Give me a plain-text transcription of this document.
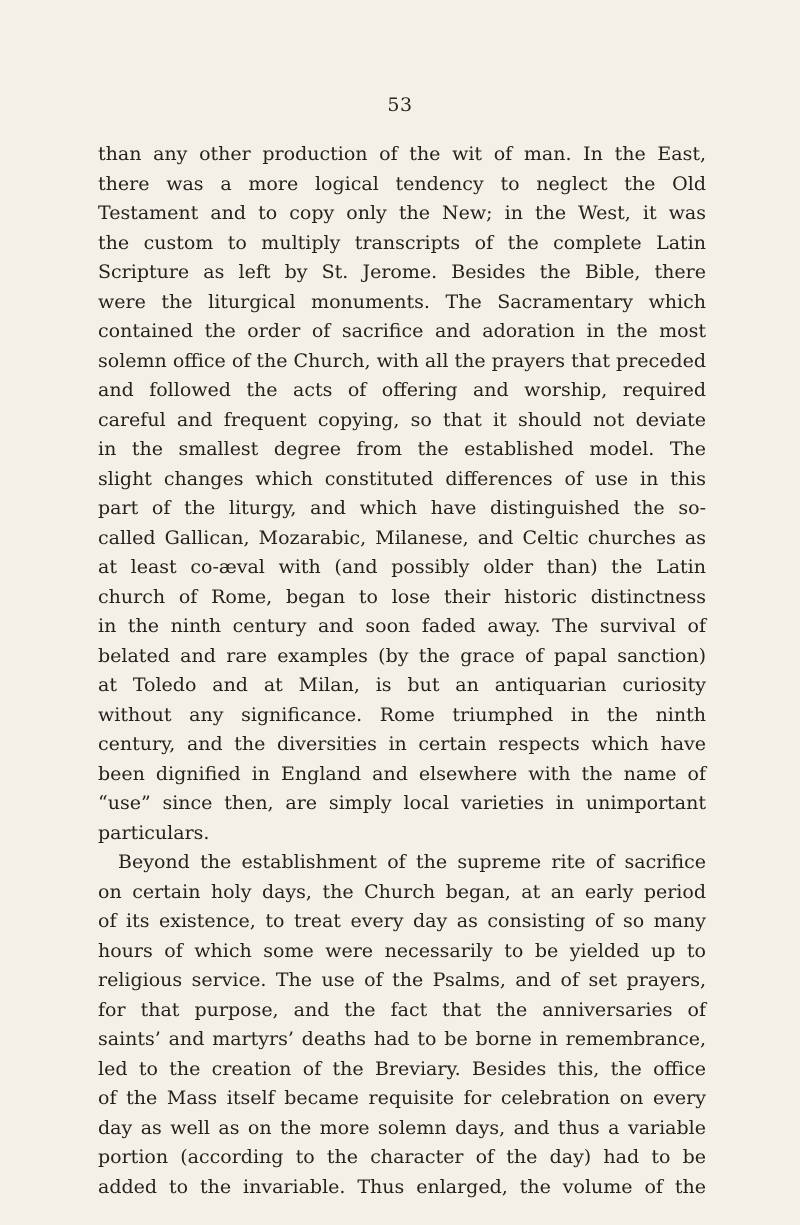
53
than any other production of the wit of man. In the East,
there was a more logical tendency to neglect the Old
Testament and to copy only the New; in the West, it was
the custom to multiply transcripts of the complete Latin
Scripture as left by St. Jerome. Besides the Bible, there
were the liturgical monuments. The Sacramentary which
contained the order of sacrifice and adoration in the most
solemn office of the Church, with all the prayers that preceded
and followed the acts of offering and worship, required
careful and frequent copying, so that it should not deviate
in the smallest degree from the established model. The
slight changes which constituted differences of use in this
part of the liturgy, and which have distinguished the so-
called Gallican, Mozarabic, Milanese, and Celtic churches as
at least co-æval with (and possibly older than) the Latin
church of Rome, began to lose their historic distinctness
in the ninth century and soon faded away. The survival of
belated and rare examples (by the grace of papal sanction)
at Toledo and at Milan, is but an antiquarian curiosity
without any significance. Rome triumphed in the ninth
century, and the diversities in certain respects which have
been dignified in England and elsewhere with the name of
“use” since then, are simply local varieties in unimportant
particulars.
Beyond the establishment of the supreme rite of sacrifice
on certain holy days, the Church began, at an early period
of its existence, to treat every day as consisting of so many
hours of which some were necessarily to be yielded up to
religious service. The use of the Psalms, and of set prayers,
for that purpose, and the fact that the anniversaries of
saints’ and martyrs’ deaths had to be borne in remembrance,
led to the creation of the Breviary. Besides this, the office
of the Mass itself became requisite for celebration on every
day as well as on the more solemn days, and thus a variable
portion (according to the character of the day) had to be
added to the invariable. Thus enlarged, the volume of the
